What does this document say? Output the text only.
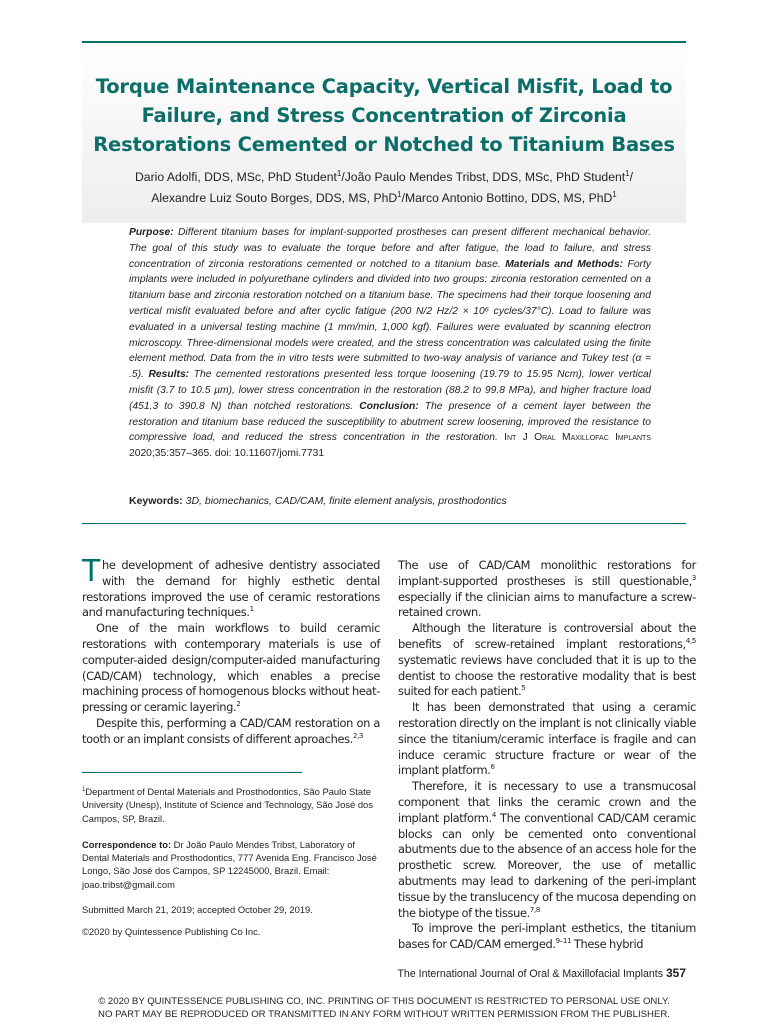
Torque Maintenance Capacity, Vertical Misfit, Load to Failure, and Stress Concentration of Zirconia Restorations Cemented or Notched to Titanium Bases

Dario Adolfi, DDS, MSc, PhD Student$^1$/João Paulo Mendes Tribst, DDS, MSc, PhD Student$^1$/
Alexandre Luiz Souto Borges, DDS, MS, PhD$^1$/Marco Antonio Bottino, DDS, MS, PhD$^1$

Purpose: Different titanium bases for implant-supported prostheses can present different mechanical behavior. The goal of this study was to evaluate the torque before and after fatigue, the load to failure, and stress concentration of zirconia restorations cemented or notched to a titanium base. Materials and Methods: Forty implants were included in polyurethane cylinders and divided into two groups: zirconia restoration cemented on a titanium base and zirconia restoration notched on a titanium base. The specimens had their torque loosening and vertical misfit evaluated before and after cyclic fatigue (200 N/2 Hz/2 × 10⁶ cycles/37°C). Load to failure was evaluated in a universal testing machine (1 mm/min, 1,000 kgf). Failures were evaluated by scanning electron microscopy. Three-dimensional models were created, and the stress concentration was calculated using the finite element method. Data from the in vitro tests were submitted to two-way analysis of variance and Tukey test (α = .5). Results: The cemented restorations presented less torque loosening (19.79 to 15.95 Ncm), lower vertical misfit (3.7 to 10.5 µm), lower stress concentration in the restoration (88.2 to 99.8 MPa), and higher fracture load (451.3 to 390.8 N) than notched restorations. Conclusion: The presence of a cement layer between the restoration and titanium base reduced the susceptibility to abutment screw loosening, improved the resistance to compressive load, and reduced the stress concentration in the restoration. Int J Oral Maxillofac Implants 2020;35:357–365. doi: 10.11607/jomi.7731

Keywords: 3D, biomechanics, CAD/CAM, finite element analysis, prosthodontics

The development of adhesive dentistry associated with the demand for highly esthetic dental restorations improved the use of ceramic restorations and manufacturing techniques.$^1$

One of the main workflows to build ceramic restorations with contemporary materials is use of computer-aided design/computer-aided manufacturing (CAD/CAM) technology, which enables a precise machining process of homogenous blocks without heat-pressing or ceramic layering.$^2$

Despite this, performing a CAD/CAM restoration on a tooth or an implant consists of different aproaches.$^{2,3}$

The use of CAD/CAM monolithic restorations for implant-supported prostheses is still questionable,$^3$ especially if the clinician aims to manufacture a screw-retained crown.

Although the literature is controversial about the benefits of screw-retained implant restorations,$^{4,5}$ systematic reviews have concluded that it is up to the dentist to choose the restorative modality that is best suited for each patient.$^5$

It has been demonstrated that using a ceramic restoration directly on the implant is not clinically viable since the titanium/ceramic interface is fragile and can induce ceramic structure fracture or wear of the implant platform.$^6$

Therefore, it is necessary to use a transmucosal component that links the ceramic crown and the implant platform.$^4$ The conventional CAD/CAM ceramic blocks can only be cemented onto conventional abutments due to the absence of an access hole for the prosthetic screw. Moreover, the use of metallic abutments may lead to darkening of the peri-implant tissue by the translucency of the mucosa depending on the biotype of the tissue.$^{7,8}$

To improve the peri-implant esthetics, the titanium bases for CAD/CAM emerged.$^{9-11}$ These hybrid

$^1$Department of Dental Materials and Prosthodontics, São Paulo State University (Unesp), Institute of Science and Technology, São José dos Campos, SP, Brazil.

Correspondence to: Dr João Paulo Mendes Tribst, Laboratory of Dental Materials and Prosthodontics, 777 Avenida Eng. Francisco José Longo, São José dos Campos, SP 12245000, Brazil. Email: joao.tribst@gmail.com

Submitted March 21, 2019; accepted October 29, 2019.

©2020 by Quintessence Publishing Co Inc.

The International Journal of Oral & Maxillofacial Implants 357

© 2020 BY QUINTESSENCE PUBLISHING CO, INC. PRINTING OF THIS DOCUMENT IS RESTRICTED TO PERSONAL USE ONLY.
NO PART MAY BE REPRODUCED OR TRANSMITTED IN ANY FORM WITHOUT WRITTEN PERMISSION FROM THE PUBLISHER.
